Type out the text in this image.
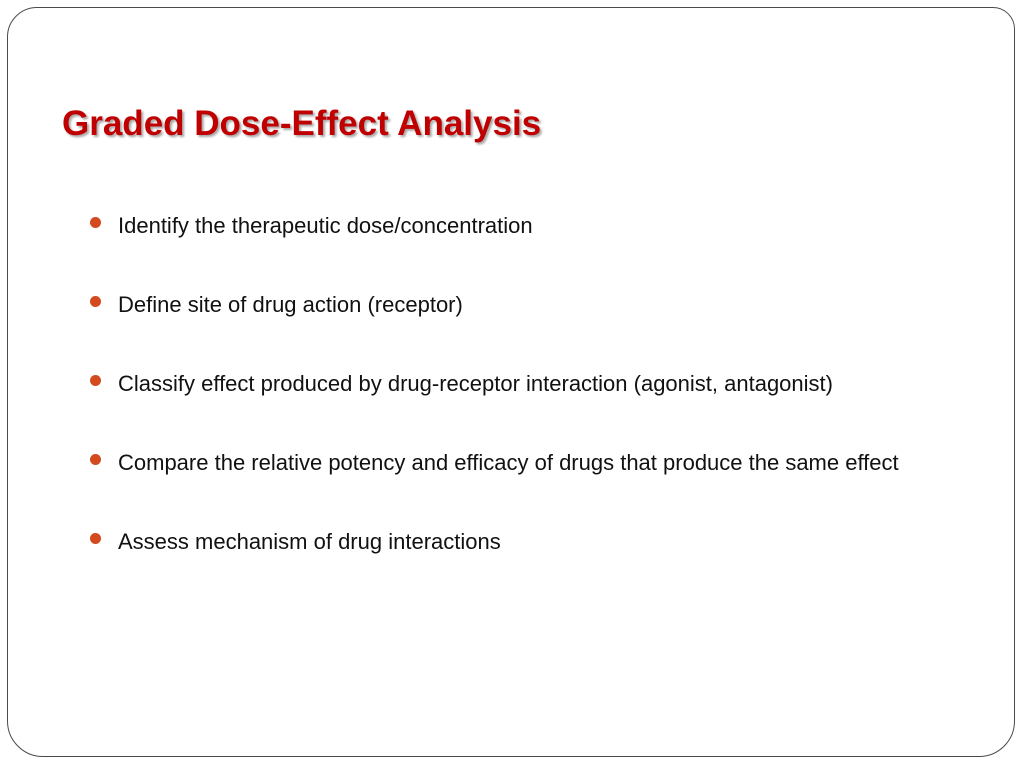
Graded Dose-Effect Analysis
Identify the therapeutic dose/concentration
Define site of drug action (receptor)
Classify effect produced by drug-receptor interaction (agonist, antagonist)
Compare the relative potency and efficacy of drugs that produce the same effect
Assess mechanism of drug interactions
